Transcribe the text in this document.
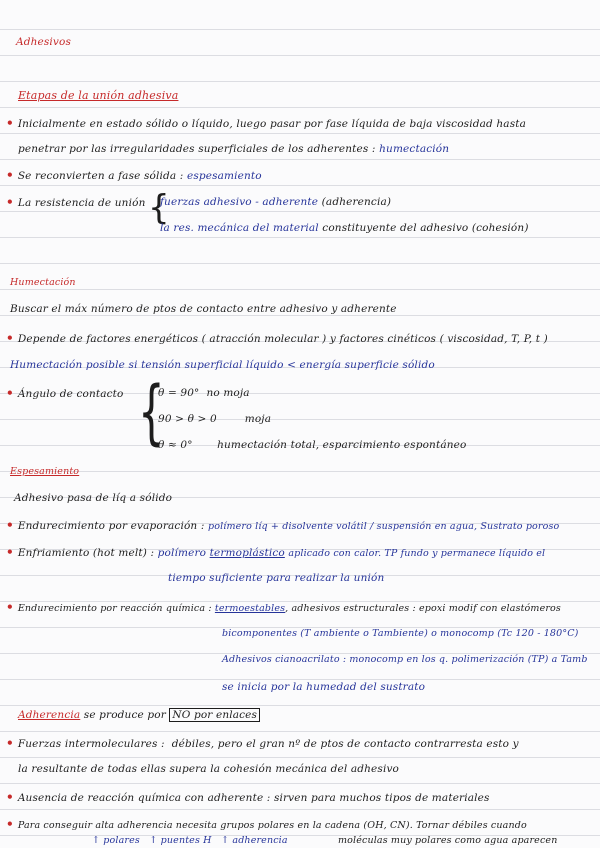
Adhesivos
Etapas de la unión adhesiva
• Inicialmente en estado sólido o líquido, luego pasar por fase líquida de baja viscosidad hasta
penetrar por las irregularidades superficiales de los adherentes : humectación
• Se reconvierten a fase sólida : espesamiento
• La resistencia de unión {
fuerzas adhesivo - adherente (adherencia)
la res. mecánica del material constituyente del adhesivo (cohesión)
Humectación
Buscar el máx número de ptos de contacto entre adhesivo y adherente
• Depende de factores energéticos ( atracción molecular ) y factores cinéticos ( viscosidad, T, P, t )
Humectación posible si tensión superficial líquido < energía superficie sólido
• Ángulo de contacto {
θ = 90° no moja
90 > θ > 0	moja
θ ≈ 0° humectación total, esparcimiento espontáneo
Espesamiento
Adhesivo pasa de líq a sólido
• Endurecimiento por evaporación : polímero líq + disolvente volátil / suspensión en agua, Sustrato poroso
• Enfriamiento (hot melt) : polímero termoplástico aplicado con calor. TP fundo y permanece líquido el
tiempo suficiente para realizar la unión
• Endurecimiento por reacción química : termoestables, adhesivos estructurales : epoxi modif con elastómeros
bicomponentes (T ambiente o Tambiente) o monocomp (Tc 120 - 180°C)
Adhesivos cianoacrilato : monocomp en los q. polimerización (TP) a Tamb
se inicia por la humedad del sustrato
Adherencia se produce por NO por enlaces
• Fuerzas intermoleculares : débiles, pero el gran nº de ptos de contacto contrarresta esto y
la resultante de todas ellas supera la cohesión mecánica del adhesivo
• Ausencia de reacción química con adherente : sirven para muchos tipos de materiales
• Para conseguir alta adherencia necesita grupos polares en la cadena (OH, CN). Tornar débiles cuando
↑ polares ↑ puentes H ↑ adherencia	moléculas muy polares como agua aparecen
